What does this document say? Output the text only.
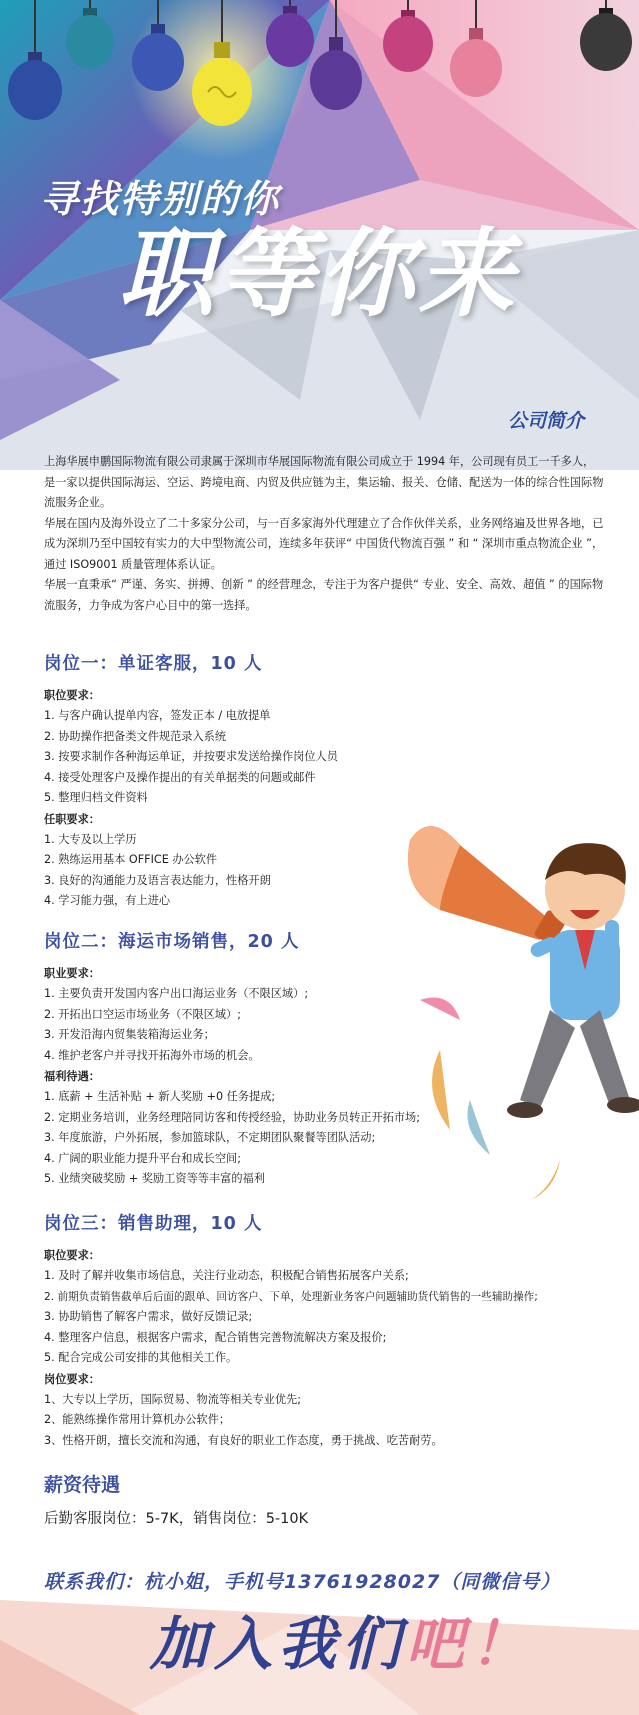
寻找特别的你
职等你来
公司简介

上海华展申鹏国际物流有限公司隶属于深圳市华展国际物流有限公司成立于 1994 年，公司现有员工一千多人，是一家以提供国际海运、空运、跨境电商、内贸及供应链为主，集运输、报关、仓储、配送为一体的综合性国际物流服务企业。

华展在国内及海外设立了二十多家分公司，与一百多家海外代理建立了合作伙伴关系，业务网络遍及世界各地，已成为深圳乃至中国较有实力的大中型物流公司，连续多年获评“ 中国货代物流百强 ” 和 “ 深圳市重点物流企业 ”，通过 ISO9001 质量管理体系认证。

华展一直秉承“ 严谨、务实、拼搏、创新 ” 的经营理念，专注于为客户提供“ 专业、安全、高效、超值 ” 的国际物流服务，力争成为客户心目中的第一选择。

岗位一：单证客服，10 人
职位要求：
1. 与客户确认提单内容，签发正本 / 电放提单
2. 协助操作把备类文件规范录入系统
3. 按要求制作各种海运单证，并按要求发送给操作岗位人员
4. 接受处理客户及操作提出的有关单据类的问题或邮件
5. 整理归档文件资料
任职要求：
1. 大专及以上学历
2. 熟练运用基本 OFFICE 办公软件
3. 良好的沟通能力及语言表达能力，性格开朗
4. 学习能力强，有上进心
岗位二：海运市场销售，20 人
职业要求：
1. 主要负责开发国内客户出口海运业务（不限区域）;
2. 开拓出口空运市场业务（不限区域）;
3. 开发沿海内贸集装箱海运业务；
4. 维护老客户并寻找开拓海外市场的机会。
福利待遇：
1. 底薪 + 生活补贴 + 新人奖励 +0 任务提成;
2. 定期业务培训，业务经理陪同访客和传授经验，协助业务员转正开拓市场;
3. 年度旅游，户外拓展，参加篮球队，不定期团队聚餐等团队活动;
4. 广阔的职业能力提升平台和成长空间;
5. 业绩突破奖励 + 奖励工资等等丰富的福利
岗位三：销售助理，10 人
职位要求：
1. 及时了解并收集市场信息，关注行业动态，积极配合销售拓展客户关系;
2. 前期负责销售截单后后面的跟单、回访客户、下单，处理新业务客户问题辅助货代销售的一些辅助操作;
3. 协助销售了解客户需求，做好反馈记录;
4. 整理客户信息，根据客户需求，配合销售完善物流解决方案及报价;
5. 配合完成公司安排的其他相关工作。
岗位要求：
1、大专以上学历，国际贸易、物流等相关专业优先;
2、能熟练操作常用计算机办公软件；
3、性格开朗，擅长交流和沟通，有良好的职业工作态度，勇于挑战、吃苦耐劳。
薪资待遇
后勤客服岗位：5-7K，销售岗位：5-10K
联系我们：杭小姐，手机号13761928027（同微信号）
加入我们吧！
